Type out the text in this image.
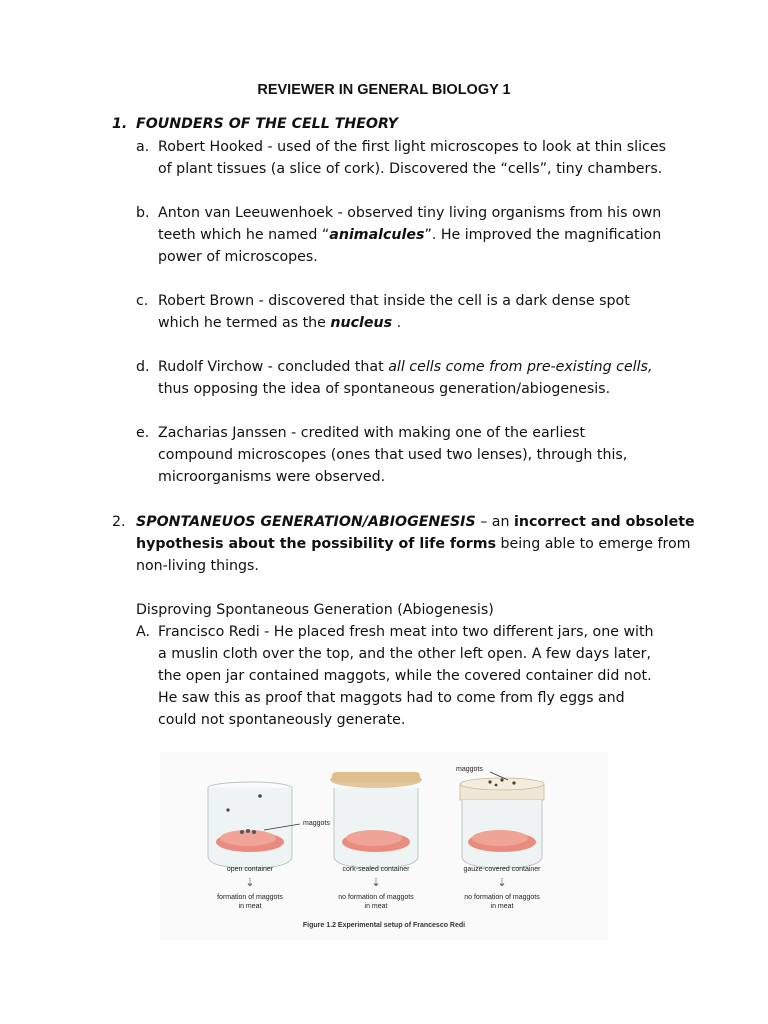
REVIEWER IN GENERAL BIOLOGY 1
1. FOUNDERS OF THE CELL THEORY
a. Robert Hooked - used of the first light microscopes to look at thin slices
of plant tissues (a slice of cork). Discovered the “cells”, tiny chambers.
b. Anton van Leeuwenhoek - observed tiny living organisms from his own
teeth which he named “animalcules”. He improved the magnification
power of microscopes.
c. Robert Brown - discovered that inside the cell is a dark dense spot
which he termed as the nucleus .
d. Rudolf Virchow - concluded that all cells come from pre-existing cells,
thus opposing the idea of spontaneous generation/abiogenesis.
e. Zacharias Janssen - credited with making one of the earliest
compound microscopes (ones that used two lenses), through this,
microorganisms were observed.
2. SPONTANEUOS GENERATION/ABIOGENESIS – an incorrect and obsolete
hypothesis about the possibility of life forms being able to emerge from
non-living things.
Disproving Spontaneous Generation (Abiogenesis)
A. Francisco Redi - He placed fresh meat into two different jars, one with
a muslin cloth over the top, and the other left open. A few days later,
the open jar contained maggots, while the covered container did not.
He saw this as proof that maggots had to come from fly eggs and
could not spontaneously generate.
maggots
maggots
open container	cork-sealed container	gauze-covered container
⇣	⇣	⇣
formation of maggots
in meat
no formation of maggots
in meat
no formation of maggots
in meat
Figure 1.2 Experimental setup of Francesco Redi
